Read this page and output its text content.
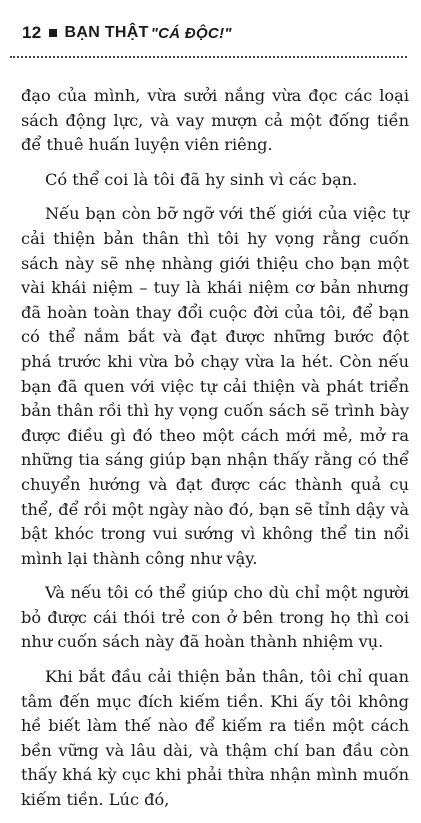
12 BẠN THẬT "CÁ ĐỘC!"

đạo của mình, vừa sưởi nắng vừa đọc các loại sách động lực, và vay mượn cả một đống tiền để thuê huấn luyện viên riêng.

Có thể coi là tôi đã hy sinh vì các bạn.

Nếu bạn còn bỡ ngỡ với thế giới của việc tự cải thiện bản thân thì tôi hy vọng rằng cuốn sách này sẽ nhẹ nhàng giới thiệu cho bạn một vài khái niệm – tuy là khái niệm cơ bản nhưng đã hoàn toàn thay đổi cuộc đời của tôi, để bạn có thể nắm bắt và đạt được những bước đột phá trước khi vừa bỏ chạy vừa la hét. Còn nếu bạn đã quen với việc tự cải thiện và phát triển bản thân rồi thì hy vọng cuốn sách sẽ trình bày được điều gì đó theo một cách mới mẻ, mở ra những tia sáng giúp bạn nhận thấy rằng có thể chuyển hướng và đạt được các thành quả cụ thể, để rồi một ngày nào đó, bạn sẽ tỉnh dậy và bật khóc trong vui sướng vì không thể tin nổi mình lại thành công như vậy.

Và nếu tôi có thể giúp cho dù chỉ một người bỏ được cái thói trẻ con ở bên trong họ thì coi như cuốn sách này đã hoàn thành nhiệm vụ.

Khi bắt đầu cải thiện bản thân, tôi chỉ quan tâm đến mục đích kiếm tiền. Khi ấy tôi không hề biết làm thế nào để kiếm ra tiền một cách bền vững và lâu dài, và thậm chí ban đầu còn thấy khá kỳ cục khi phải thừa nhận mình muốn kiếm tiền. Lúc đó,
